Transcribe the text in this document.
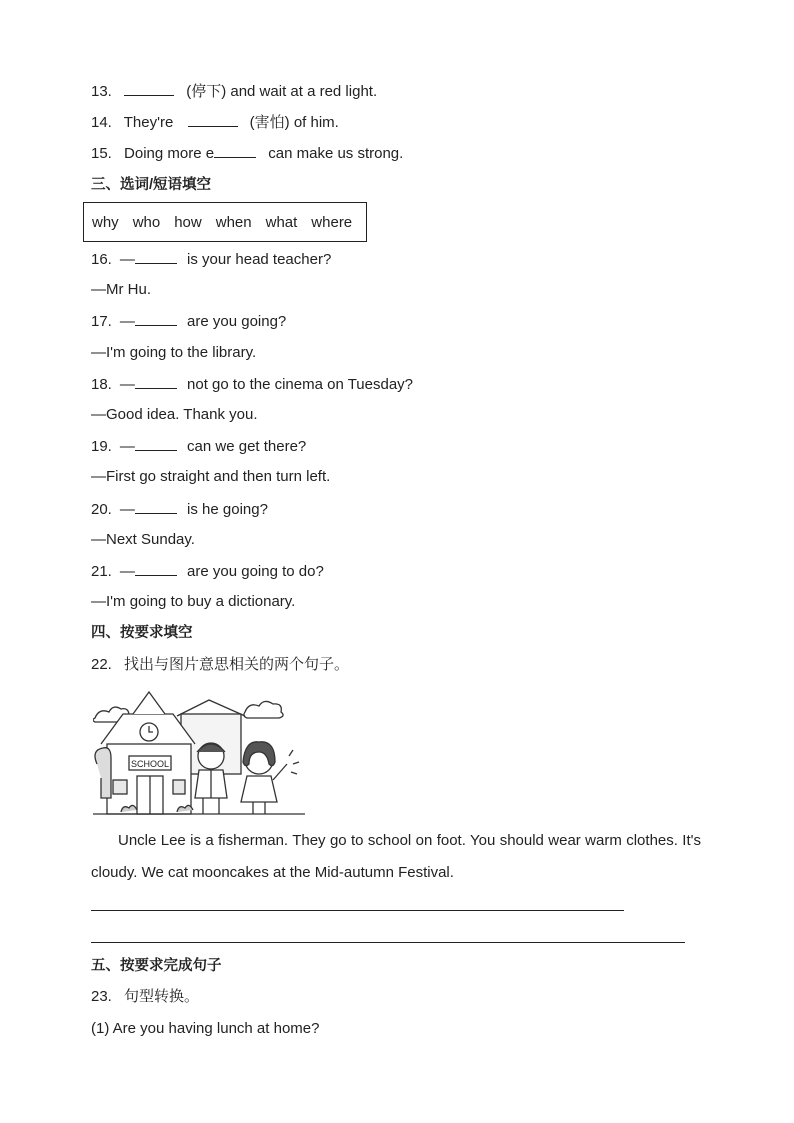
13.	(停下) and wait at a red light.
14. They're	(害怕) of him.
15. Doing more e	can make us strong.
三、选词/短语填空
why who how when what where
16. —	is your head teacher?
—Mr Hu.
17. —	are you going?
—I'm going to the library.
18. —	not go to the cinema on Tuesday?
—Good idea. Thank you.
19. —	can we get there?
—First go straight and then turn left.
20. —	is he going?
—Next Sunday.
21. —	are you going to do?
—I'm going to buy a dictionary.
四、按要求填空
22. 找出与图片意思相关的两个句子。
SCHOOL
Uncle Lee is a fisherman. They go to school on foot. You should wear warm clothes. It's cloudy. We cat mooncakes at the Mid-autumn Festival.
五、按要求完成句子
23. 句型转换。
(1) Are you having lunch at home?
